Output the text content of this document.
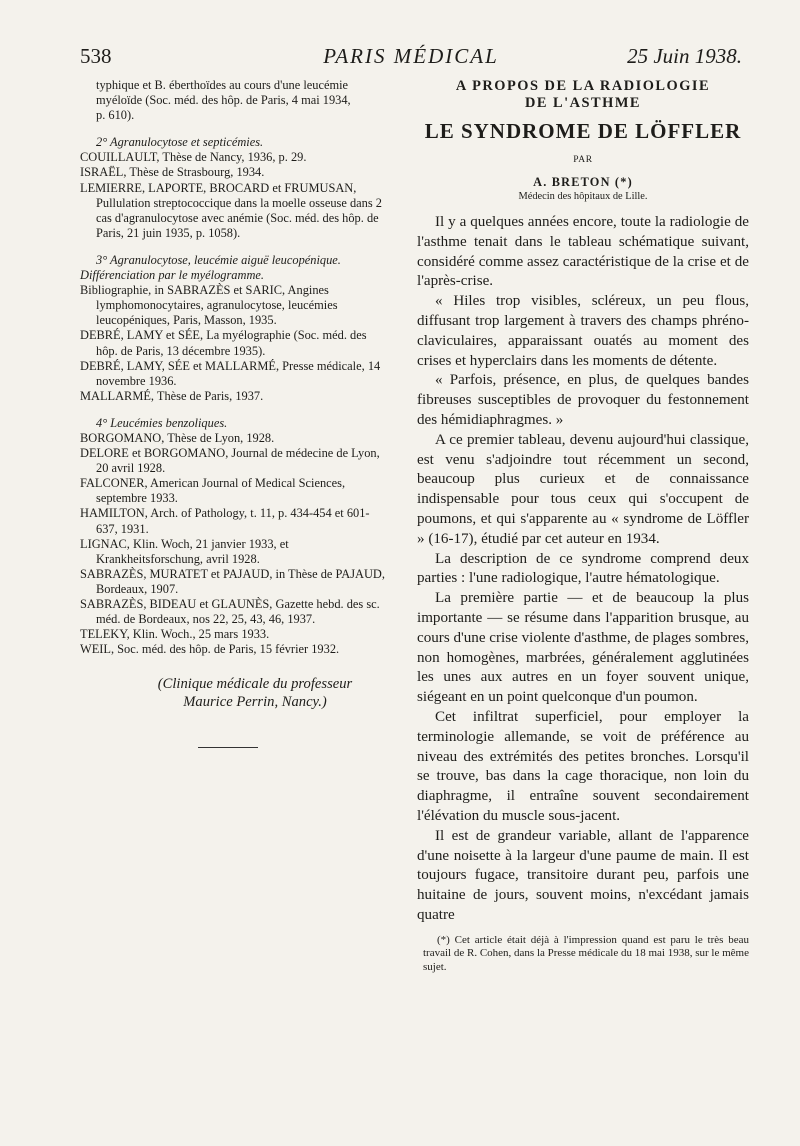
538	PARIS MÉDICAL	25 Juin 1938.

typhique et B. éberthoïdes au cours d'une leucémie

myéloïde (Soc. méd. des hôp. de Paris, 4 mai 1934,

p. 610).

2° Agranulocytose et septicémies.

COUILLAULT, Thèse de Nancy, 1936, p. 29.

ISRAËL, Thèse de Strasbourg, 1934.

LEMIERRE, LAPORTE, BROCARD et FRUMUSAN, Pullulation streptococcique dans la moelle osseuse dans 2 cas d'agranulocytose avec anémie (Soc. méd. des hôp. de Paris, 21 juin 1935, p. 1058).

3° Agranulocytose, leucémie aiguë leucopénique. Différenciation par le myélogramme.

Bibliographie, in SABRAZÈS et SARIC, Angines lymphomonocytaires, agranulocytose, leucémies leucopéniques, Paris, Masson, 1935.

DEBRÉ, LAMY et SÉE, La myélographie (Soc. méd. des hôp. de Paris, 13 décembre 1935).

DEBRÉ, LAMY, SÉE et MALLARMÉ, Presse médicale, 14 novembre 1936.

MALLARMÉ, Thèse de Paris, 1937.

4° Leucémies benzoliques.

BORGOMANO, Thèse de Lyon, 1928.

DELORE et BORGOMANO, Journal de médecine de Lyon, 20 avril 1928.

FALCONER, American Journal of Medical Sciences, septembre 1933.

HAMILTON, Arch. of Pathology, t. 11, p. 434-454 et 601-637, 1931.

LIGNAC, Klin. Woch, 21 janvier 1933, et Krankheitsforschung, avril 1928.

SABRAZÈS, MURATET et PAJAUD, in Thèse de PAJAUD, Bordeaux, 1907.

SABRAZÈS, BIDEAU et GLAUNÈS, Gazette hebd. des sc. méd. de Bordeaux, nos 22, 25, 43, 46, 1937.

TELEKY, Klin. Woch., 25 mars 1933.

WEIL, Soc. méd. des hôp. de Paris, 15 février 1932.

(Clinique médicale du professeur
Maurice Perrin, Nancy.)

A PROPOS DE LA RADIOLOGIE

DE L'ASTHME

LE SYNDROME DE LÖFFLER

PAR

A. BRETON (*)

Médecin des hôpitaux de Lille.

Il y a quelques années encore, toute la radiologie de l'asthme tenait dans le tableau schématique suivant, considéré comme assez caractéristique de la crise et de l'après-crise.

« Hiles trop visibles, scléreux, un peu flous, diffusant trop largement à travers des champs phréno-claviculaires, apparaissant ouatés au moment des crises et hyperclairs dans les moments de détente.

« Parfois, présence, en plus, de quelques bandes fibreuses susceptibles de provoquer du festonnement des hémidiaphragmes. »

A ce premier tableau, devenu aujourd'hui classique, est venu s'adjoindre tout récemment un second, beaucoup plus curieux et de connaissance indispensable pour tous ceux qui s'occupent de poumons, et qui s'apparente au « syndrome de Löffler » (16-17), étudié par cet auteur en 1934.

La description de ce syndrome comprend deux parties : l'une radiologique, l'autre hématologique.

La première partie — et de beaucoup la plus importante — se résume dans l'apparition brusque, au cours d'une crise violente d'asthme, de plages sombres, non homogènes, marbrées, généralement agglutinées les unes aux autres en un foyer souvent unique, siégeant en un point quelconque d'un poumon.

Cet infiltrat superficiel, pour employer la terminologie allemande, se voit de préférence au niveau des extrémités des petites bronches. Lorsqu'il se trouve, bas dans la cage thoracique, non loin du diaphragme, il entraîne souvent secondairement l'élévation du muscle sous-jacent.

Il est de grandeur variable, allant de l'apparence d'une noisette à la largeur d'une paume de main. Il est toujours fugace, transitoire durant peu, parfois une huitaine de jours, souvent moins, n'excédant jamais quatre

(*) Cet article était déjà à l'impression quand est paru le très beau travail de R. Cohen, dans la Presse médicale du 18 mai 1938, sur le même sujet.
